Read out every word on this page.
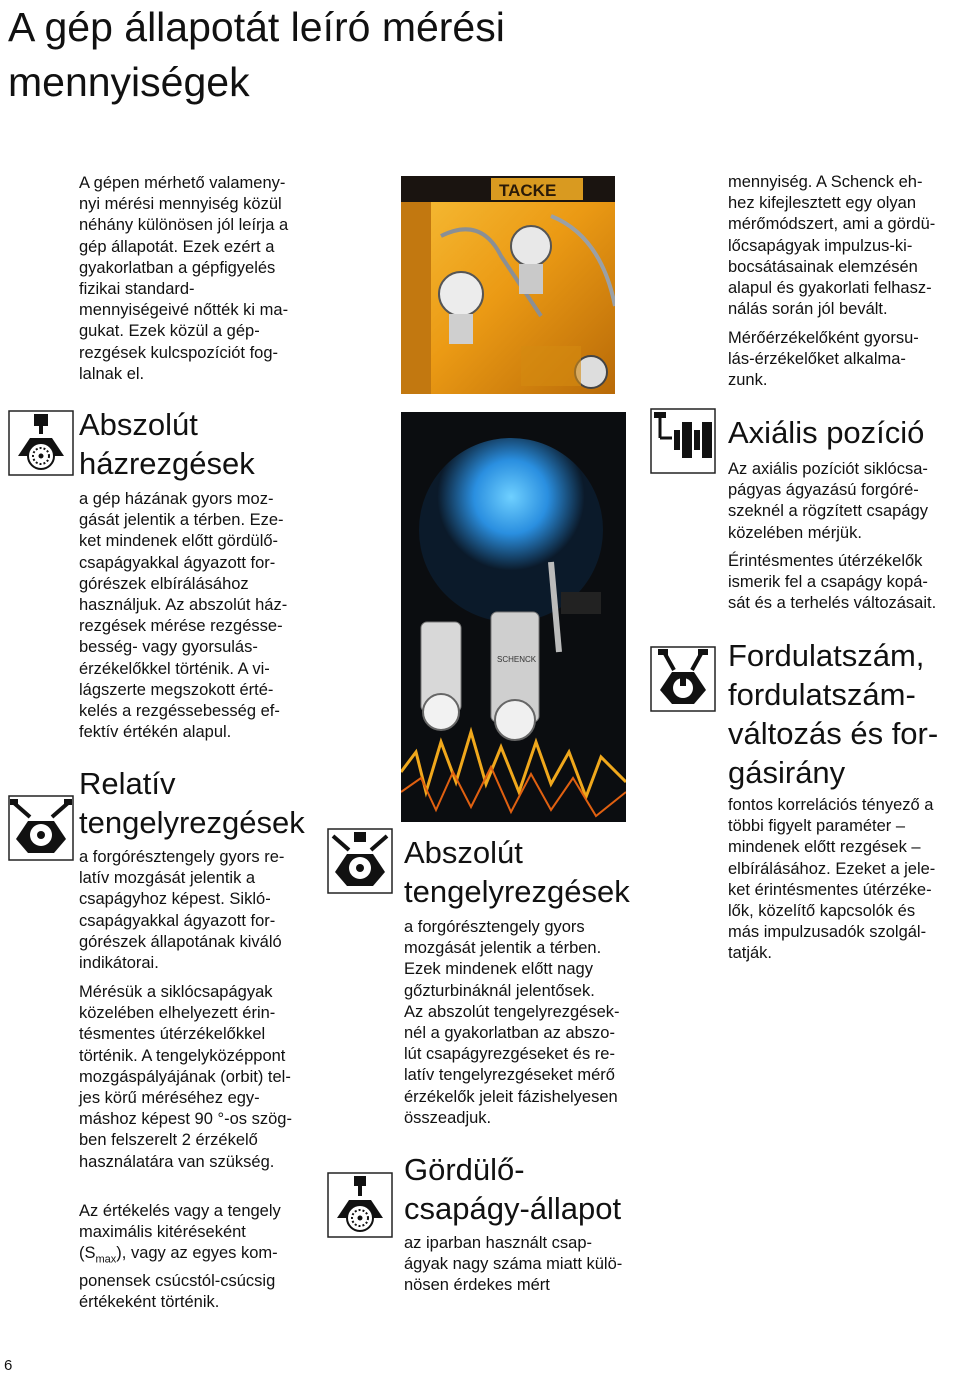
A gép állapotát leíró mérési
mennyiségek
A gépen mérhető valameny-
nyi mérési mennyiség közül
néhány különösen jól leírja a
gép állapotát. Ezek ezért a
gyakorlatban a gépfigyelés
fizikai standard-
mennyiségeivé nőtték ki ma-
gukat. Ezek közül a gép-
rezgések kulcspozíciót fog-
lalnak el.
Abszolút
házrezgések
a gép házának gyors moz-
gását jelentik a térben. Eze-
ket mindenek előtt gördülő-
csapágyakkal ágyazott for-
górészek elbírálásához
használjuk. Az abszolút ház-
rezgések mérése rezgésse-
besség- vagy gyorsulás-
érzékelőkkel történik. A vi-
lágszerte megszokott érté-
kelés a rezgéssebesség ef-
fektív értékén alapul.
Relatív
tengelyrezgések
a forgórésztengely gyors re-
latív mozgását jelentik a
csapágyhoz képest. Sikló-
csapágyakkal ágyazott for-
górészek állapotának kiváló
indikátorai.
Mérésük a siklócsapágyak
közelében elhelyezett érin-
tésmentes útérzékelőkkel
történik. A tengelyközéppont
mozgáspályájának (orbit) tel-
jes körű méréséhez egy-
máshoz képest 90 °-os szög-
ben felszerelt 2 érzékelő
használatára van szükség.
Az értékelés vagy a tengely
maximális kitéréseként
$(S_{max})$, vagy az egyes kom-
ponensek csúcstól-csúcsig
értékeként történik.
TACKE
SCHENCK
Abszolút
tengelyrezgések
a forgórésztengely gyors
mozgását jelentik a térben.
Ezek mindenek előtt nagy
gőzturbináknál jelentősek.
Az abszolút tengelyrezgések-
nél a gyakorlatban az abszo-
lút csapágyrezgéseket és re-
latív tengelyrezgéseket mérő
érzékelők jeleit fázishelyesen
összeadjuk.
Gördülő-
csapágy-állapot
az iparban használt csap-
ágyak nagy száma miatt külö-
nösen érdekes mért
mennyiség. A Schenck eh-
hez kifejlesztett egy olyan
mérőmódszert, ami a gördü-
lőcsapágyak impulzus-ki-
bocsátásainak elemzésén
alapul és gyakorlati felhasz-
nálás során jól bevált.
Mérőérzékelőként gyorsu-
lás-érzékelőket alkalma-
zunk.
Axiális pozíció
Az axiális pozíciót siklócsa-
págyas ágyazású forgóré-
szeknél a rögzített csapágy
közelében mérjük.
Érintésmentes útérzékelők
ismerik fel a csapágy kopá-
sát és a terhelés változásait.
Fordulatszám,
fordulatszám-
változás és for-
gásirány
fontos korrelációs tényező a
többi figyelt paraméter –
mindenek előtt rezgések –
elbírálásához. Ezeket a jele-
ket érintésmentes útérzéke-
lők, közelítő kapcsolók és
más impulzusadók szolgál-
tatják.
6
